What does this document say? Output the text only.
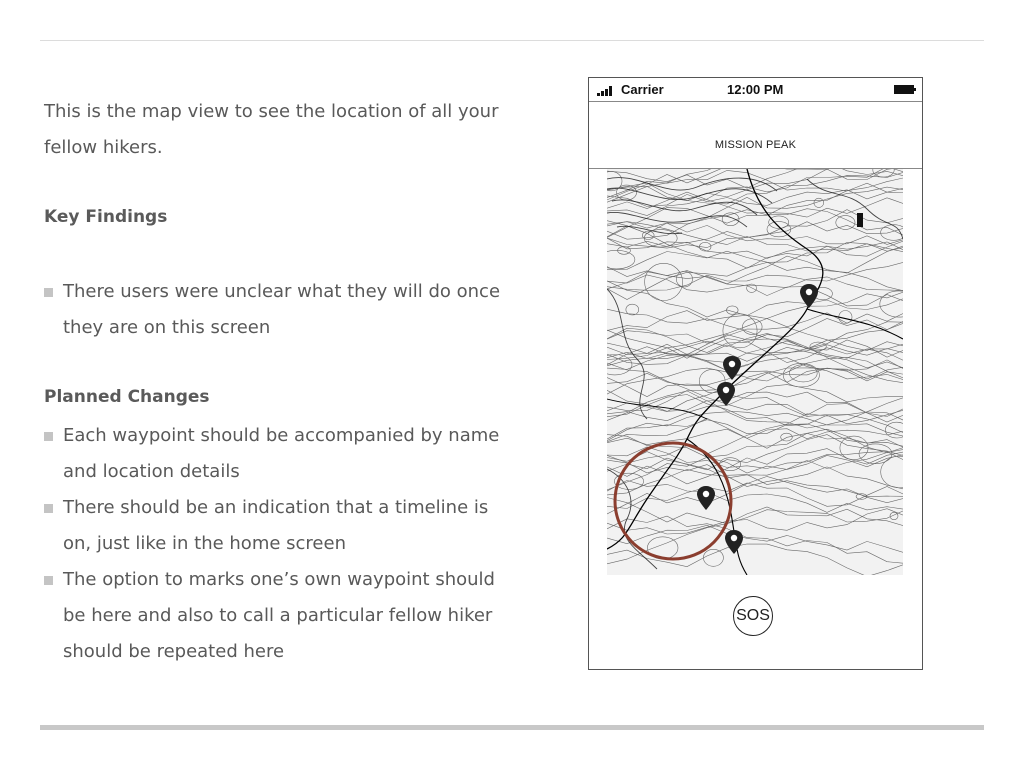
This is the map view to see the location of all your fellow hikers.

Key Findings
There users were unclear what they will do once they are on this screen
Planned Changes
Each waypoint should be accompanied by name and location details
There should be an indication that a timeline is on, just like in the home screen
The option to marks one’s own waypoint should be here and also to call a particular fellow hiker should be repeated here
Carrier	12:00 PM
MISSION PEAK
SOS
